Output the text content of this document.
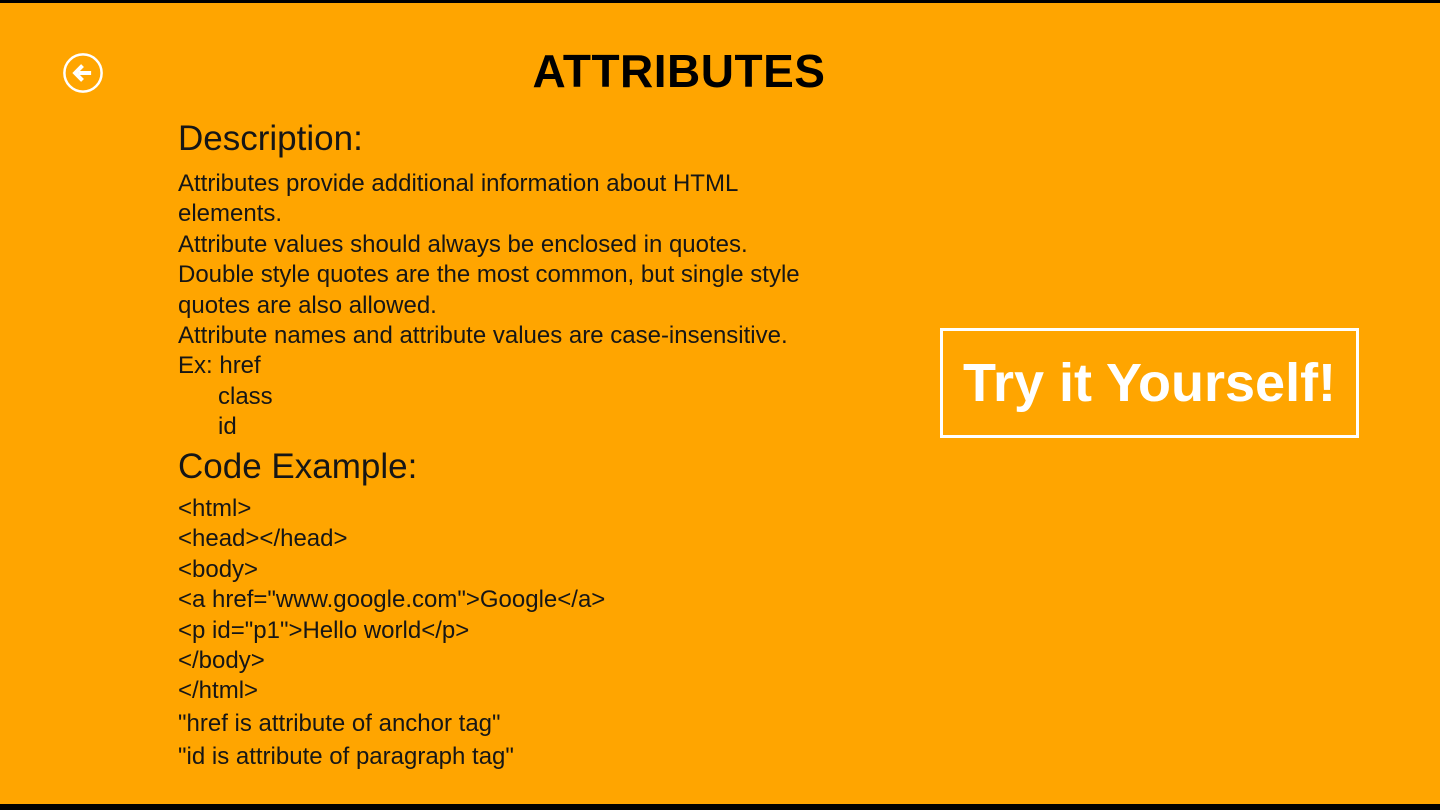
ATTRIBUTES
Description:
Attributes provide additional information about HTML
elements.
Attribute values should always be enclosed in quotes.
Double style quotes are the most common, but single style
quotes are also allowed.
Attribute names and attribute values are case-insensitive.
Ex: href
class
id
Code Example:
<html>
<head></head>
<body>
<a href="www.google.com">Google</a>
<p id="p1">Hello world</p>
</body>
</html>
"href is attribute of anchor tag"
"id is attribute of paragraph tag"
Try it Yourself!
